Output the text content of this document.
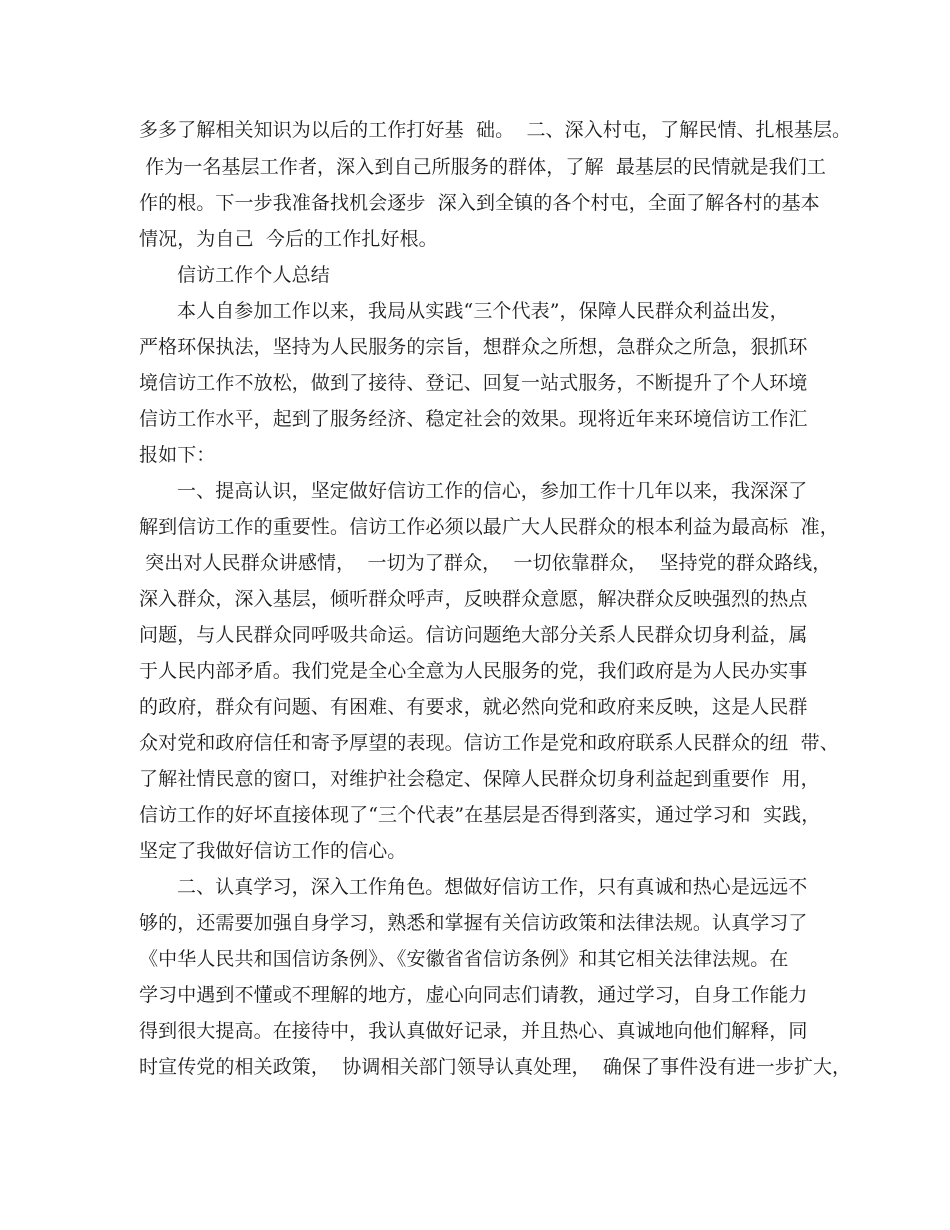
多多了解相关知识为以后的工作打好基  础。  二、深入村屯，了解民情、扎根基层。
作为一名基层工作者，深入到自己所服务的群体，了解  最基层的民情就是我们工
作的根。下一步我准备找机会逐步  深入到全镇的各个村屯，全面了解各村的基本
情况，为自己  今后的工作扎好根。
信访工作个人总结
本人自参加工作以来，我局从实践“三个代表”，保障人民群众利益出发，
严格环保执法，坚持为人民服务的宗旨，想群众之所想，急群众之所急，狠抓环
境信访工作不放松，做到了接待、登记、回复一站式服务，不断提升了个人环境
信访工作水平，起到了服务经济、稳定社会的效果。现将近年来环境信访工作汇
报如下：
一、提高认识，坚定做好信访工作的信心，参加工作十几年以来，我深深了
解到信访工作的重要性。信访工作必须以最广大人民群众的根本利益为最高标  准，
突出对人民群众讲感情，  一切为了群众，  一切依靠群众，  坚持党的群众路线，
深入群众，深入基层，倾听群众呼声，反映群众意愿，解决群众反映强烈的热点
问题，与人民群众同呼吸共命运。信访问题绝大部分关系人民群众切身利益，属
于人民内部矛盾。我们党是全心全意为人民服务的党，我们政府是为人民办实事
的政府，群众有问题、有困难、有要求，就必然向党和政府来反映，这是人民群
众对党和政府信任和寄予厚望的表现。信访工作是党和政府联系人民群众的纽  带、
了解社情民意的窗口，对维护社会稳定、保障人民群众切身利益起到重要作  用，
信访工作的好坏直接体现了“三个代表”在基层是否得到落实，通过学习和  实践，
坚定了我做好信访工作的信心。
二、认真学习，深入工作角色。想做好信访工作，只有真诚和热心是远远不
够的，还需要加强自身学习，熟悉和掌握有关信访政策和法律法规。认真学习了
《中华人民共和国信访条例》、《安徽省省信访条例》和其它相关法律法规。在
学习中遇到不懂或不理解的地方，虚心向同志们请教，通过学习，自身工作能力
得到很大提高。在接待中，我认真做好记录，并且热心、真诚地向他们解释，同
时宣传党的相关政策，  协调相关部门领导认真处理，  确保了事件没有进一步扩大，
